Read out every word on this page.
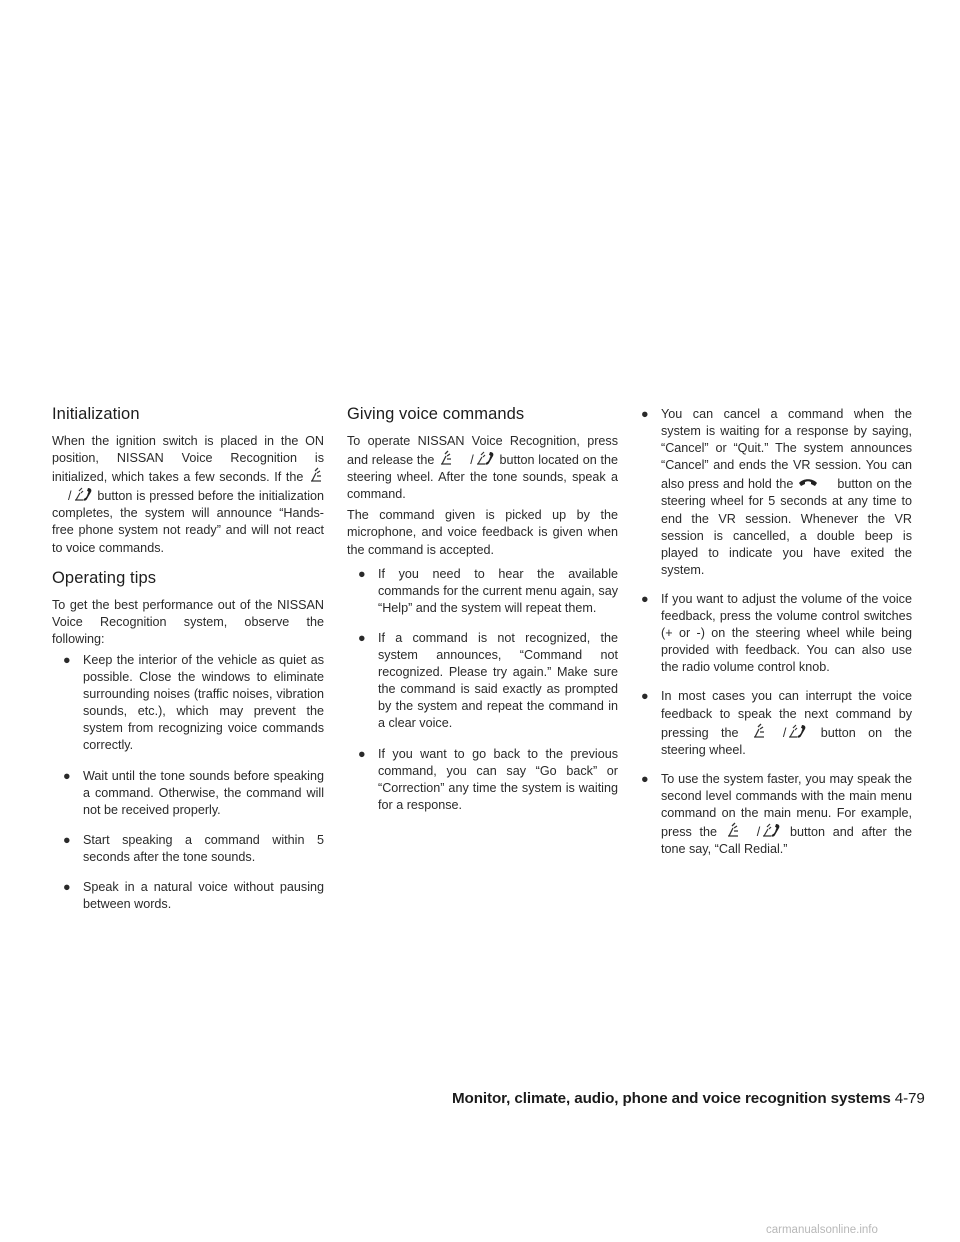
Initialization

When the ignition switch is placed in the ON position, NISSAN Voice Recognition is initialized, which takes a few seconds. If the
/ button is pressed before the initialization completes, the system will announce “Hands-free phone system not ready” and will not react to voice commands.

Operating tips

To get the best performance out of the NISSAN Voice Recognition system, observe the following:

● Keep the interior of the vehicle as quiet as possible. Close the windows to eliminate surrounding noises (traffic noises, vibration sounds, etc.), which may prevent the system from recognizing voice commands correctly.
● Wait until the tone sounds before speaking a command. Otherwise, the command will not be received properly.
● Start speaking a command within 5 seconds after the tone sounds.
● Speak in a natural voice without pausing between words.
Giving voice commands

To operate NISSAN Voice Recognition, press and release the	/ button located on the steering wheel. After the tone sounds, speak a command.

The command given is picked up by the microphone, and voice feedback is given when the command is accepted.

● If you need to hear the available commands for the current menu again, say “Help” and the system will repeat them.
● If a command is not recognized, the system announces, “Command not recognized. Please try again.” Make sure the command is said exactly as prompted by the system and repeat the command in a clear voice.
● If you want to go back to the previous command, you can say “Go back” or “Correction” any time the system is waiting for a response.
● You can cancel a command when the system is waiting for a response by saying, “Cancel” or “Quit.” The system announces “Cancel” and ends the VR session. You can also press and hold the	button on the steering wheel for 5 seconds at any time to end the VR session. Whenever the VR session is cancelled, a double beep is played to indicate you have exited the system.
● If you want to adjust the volume of the voice feedback, press the volume control switches (+ or -) on the steering wheel while being provided with feedback. You can also use the radio volume control knob.
● In most cases you can interrupt the voice feedback to speak the next command by pressing the	/	button on the steering wheel.
● To use the system faster, you may speak the second level commands with the main menu command on the main menu. For example, press the	/ button and after the tone say, “Call Redial.”
Monitor, climate, audio, phone and voice recognition systems 4-79
carmanualsonline.info
